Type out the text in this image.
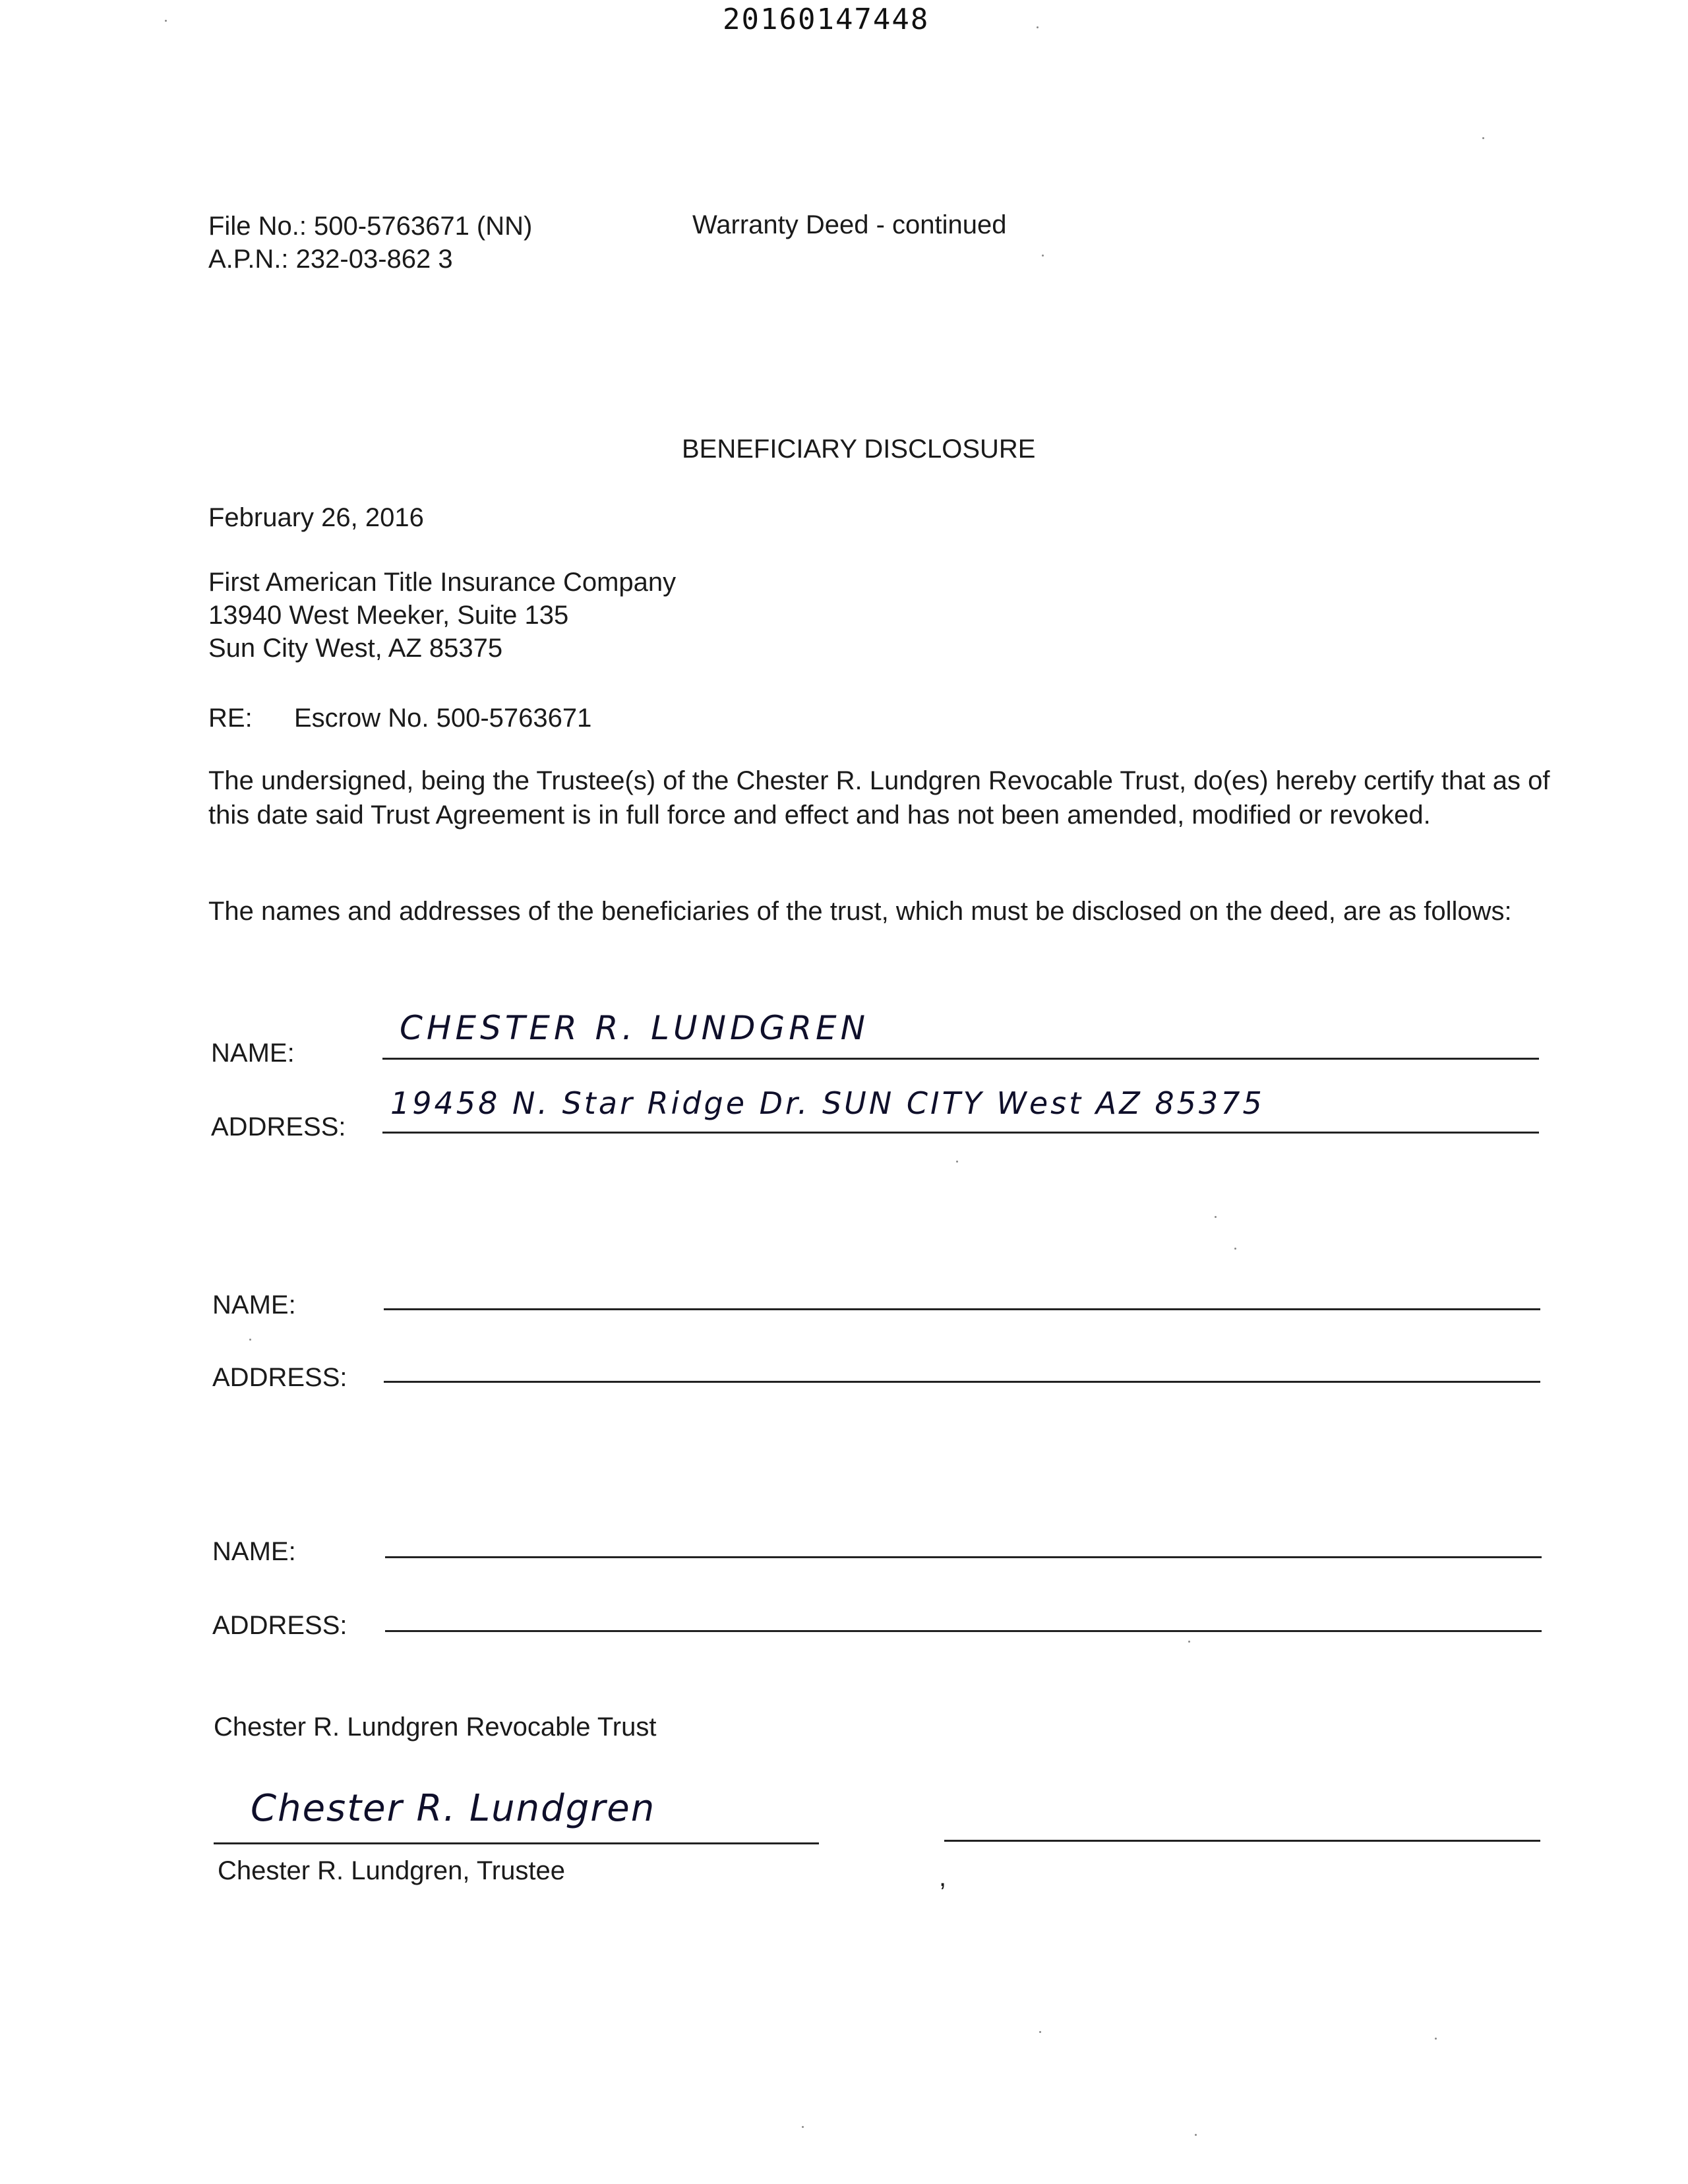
20160147448
File No.: 500-5763671 (NN)
A.P.N.: 232-03-862 3
Warranty Deed - continued
BENEFICIARY DISCLOSURE
February 26, 2016
First American Title Insurance Company
13940 West Meeker, Suite 135
Sun City West, AZ 85375
RE: Escrow No. 500-5763671
The undersigned, being the Trustee(s) of the Chester R. Lundgren Revocable Trust, do(es) hereby certify that as of this date said Trust Agreement is in full force and effect and has not been amended, modified or revoked.
The names and addresses of the beneficiaries of the trust, which must be disclosed on the deed, are as follows:
NAME:
CHESTER R. LUNDGREN
ADDRESS:
19458 N. Star Ridge Dr. SUN CITY West AZ 85375
NAME:
ADDRESS:
NAME:
ADDRESS:
Chester R. Lundgren Revocable Trust
Chester R. Lundgren
Chester R. Lundgren, Trustee	,
